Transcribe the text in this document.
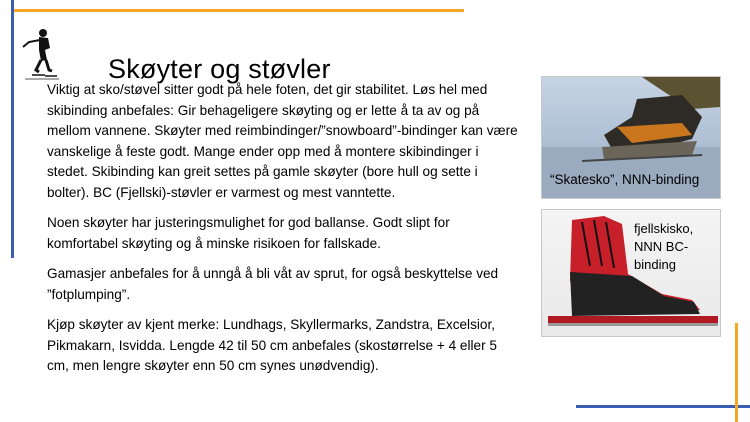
Skøyter og støvler

Viktig at sko/støvel sitter godt på hele foten, det gir stabilitet. Løs hel med skibinding anbefales: Gir behageligere skøyting og er lette å ta av og på mellom vannene. Skøyter med reimbindinger/”snowboard”-bindinger kan være vanskelige å feste godt. Mange ender opp med å montere skibindinger i stedet. Skibinding kan greit settes på gamle skøyter (bore hull og sette i bolter). BC (Fjellski)-støvler er varmest og mest vanntette.

Noen skøyter har justeringsmulighet for god ballanse. Godt slipt for komfortabel skøyting og å minske risikoen for fallskade.

Gamasjer anbefales for å unngå å bli våt av sprut, for også beskyttelse ved ”fotplumping”.

Kjøp skøyter av kjent merke: Lundhags, Skyllermarks, Zandstra, Excelsior, Pikmakarn, Isvidda. Lengde 42 til 50 cm anbefales (skostørrelse + 4 eller 5 cm, men lengre skøyter enn 50 cm synes unødvendig).

“Skatesko”, NNN-binding
fjellskisko, NNN BC-binding
